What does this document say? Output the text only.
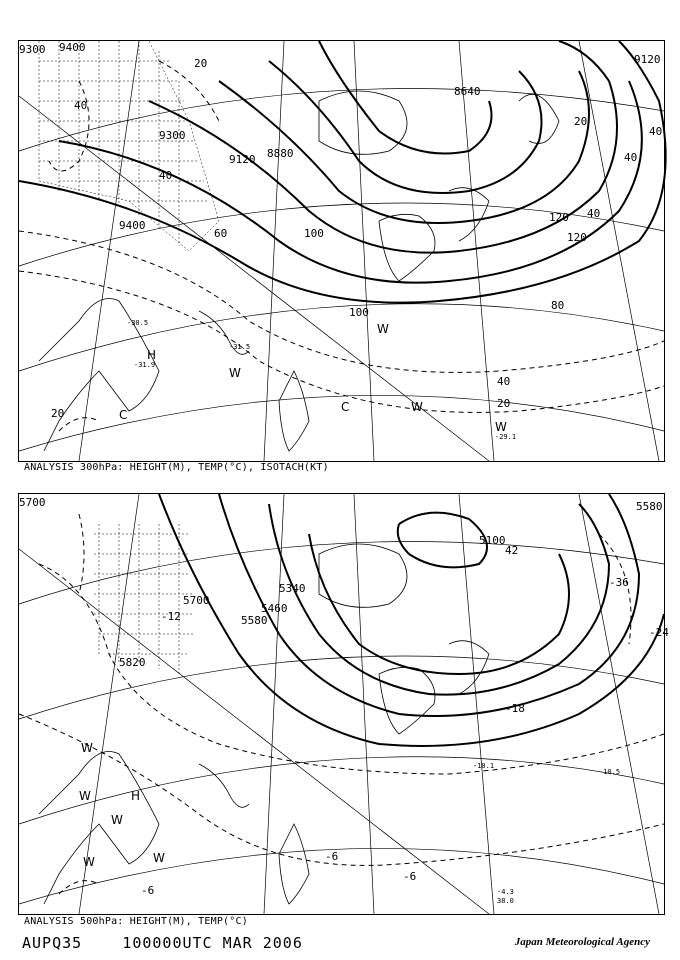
9300
9300
9120 8880
8640
9120
9400
9400
20
40
40
60	100
100
120
120
40
20
40
80
40
20
20
40
-30.5
-31.5
-31.9
-29.1
H
C
W
W
C	W
W
ANALYSIS 300hPa: HEIGHT(M), TEMP(°C), ISOTACH(KT)
5700
5700
5820
5340
5460
5580
5100
5580
-12
42
-36
-24
-18
-6
-6
-6
-10.1
-10.5
-4.3
38.0
W
W	H
W
W
W
ANALYSIS 500hPa: HEIGHT(M), TEMP(°C)
AUPQ35	100000UTC MAR 2006	Japan Meteorological Agency
